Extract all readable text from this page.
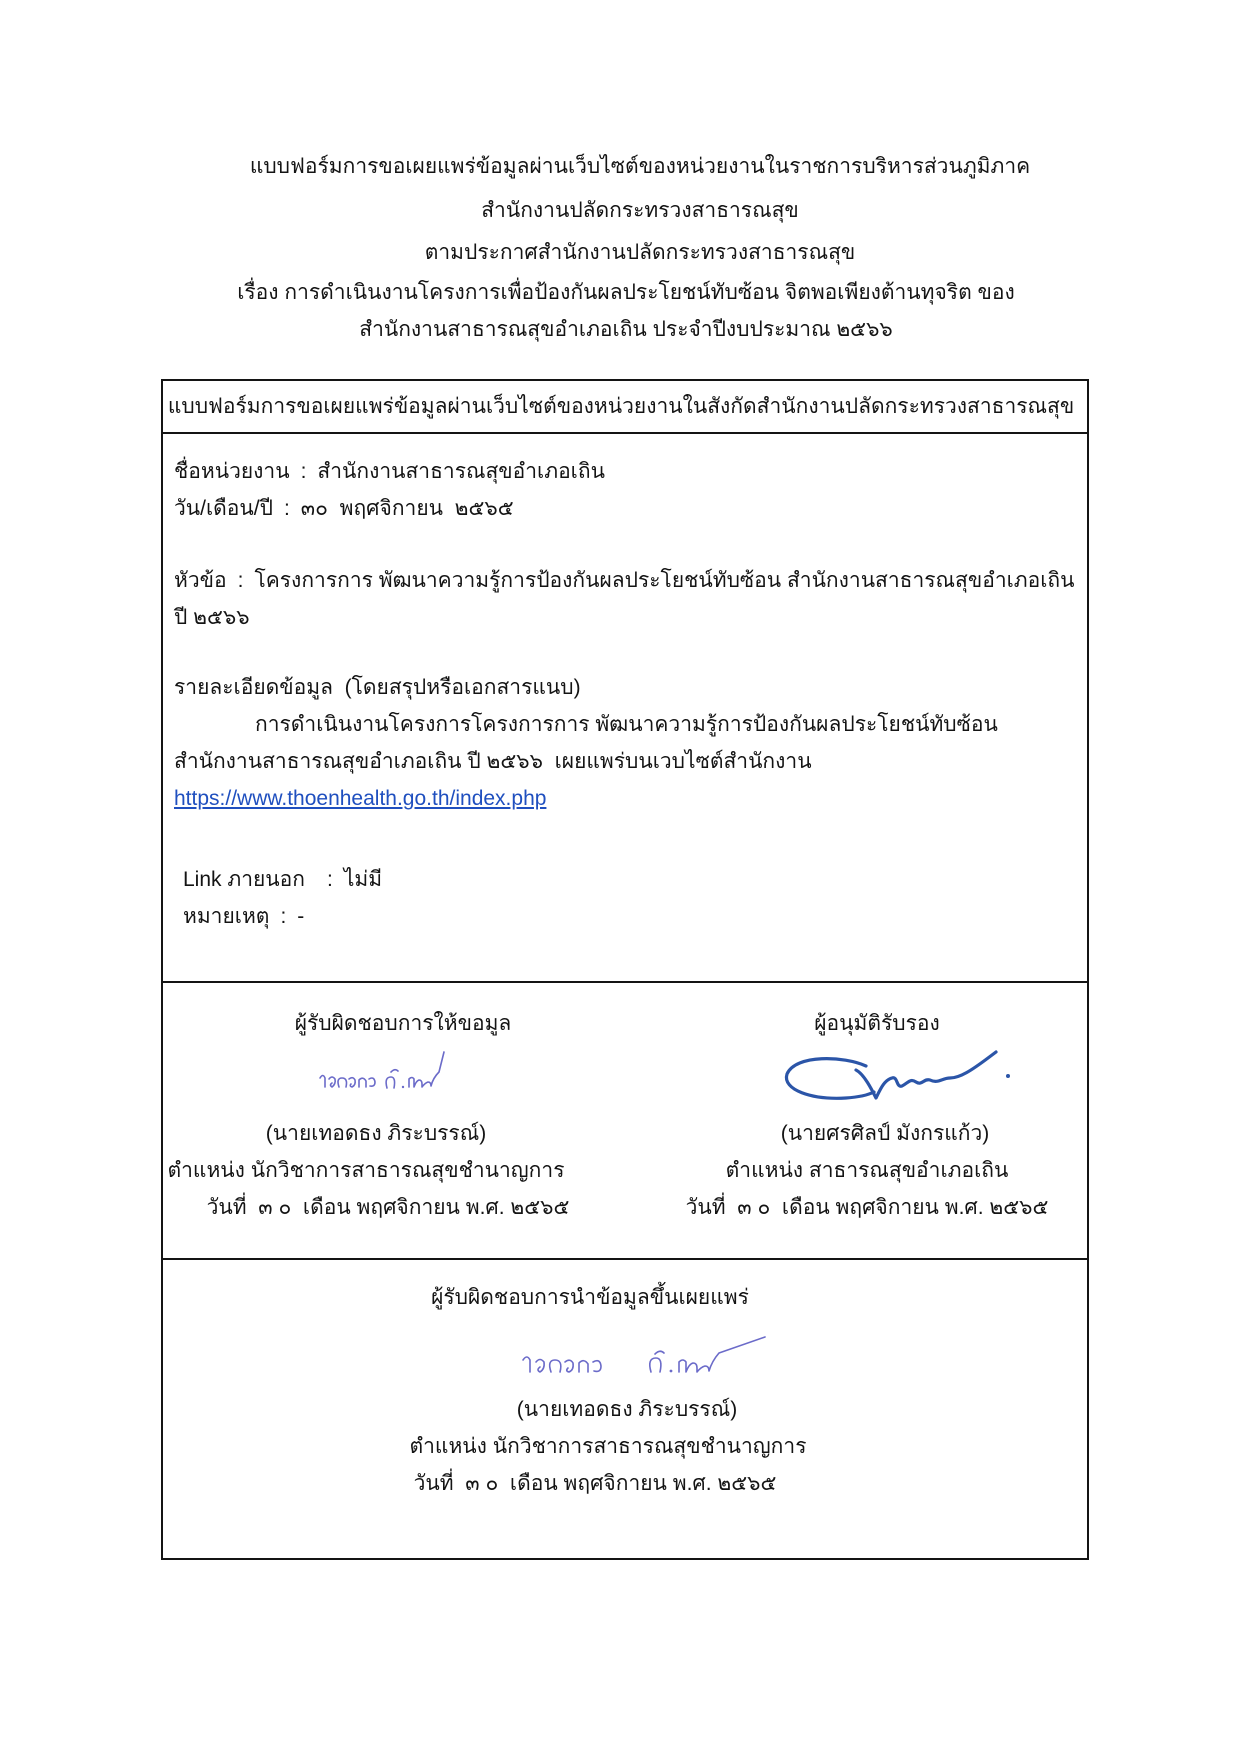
แบบฟอร์มการขอเผยแพร่ข้อมูลผ่านเว็บไซต์ของหน่วยงานในราชการบริหารส่วนภูมิภาค
สำนักงานปลัดกระทรวงสาธารณสุข
ตามประกาศสำนักงานปลัดกระทรวงสาธารณสุข
เรื่อง การดำเนินงานโครงการเพื่อป้องกันผลประโยชน์ทับซ้อน จิตพอเพียงต้านทุจริต ของ
สำนักงานสาธารณสุขอำเภอเถิน ประจำปีงบประมาณ ๒๕๖๖
แบบฟอร์มการขอเผยแพร่ข้อมูลผ่านเว็บไซต์ของหน่วยงานในสังกัดสำนักงานปลัดกระทรวงสาธารณสุข
ชื่อหน่วยงาน : สำนักงานสาธารณสุขอำเภอเถิน
วัน/เดือน/ปี : ๓๐  พฤศจิกายน  ๒๕๖๕
หัวข้อ : โครงการการ พัฒนาความรู้การป้องกันผลประโยชน์ทับซ้อน สำนักงานสาธารณสุขอำเภอเถิน
ปี ๒๕๖๖
รายละเอียดข้อมูล  (โดยสรุปหรือเอกสารแนบ)
การดำเนินงานโครงการโครงการการ พัฒนาความรู้การป้องกันผลประโยชน์ทับซ้อน
สำนักงานสาธารณสุขอำเภอเถิน ปี ๒๕๖๖  เผยแพร่บนเวบไซต์สำนักงาน
https://www.thoenhealth.go.th/index.php
Link ภายนอก : ไม่มี
หมายเหตุ : -
ผู้รับผิดชอบการให้ขอมูล
(นายเทอดธง ภิระบรรณ์)
ตำแหน่ง นักวิชาการสาธารณสุขชำนาญการ
วันที่  ๓ ๐  เดือน พฤศจิกายน พ.ศ. ๒๕๖๕
ผู้อนุมัติรับรอง
(นายศรศิลป์ มังกรแก้ว)
ตำแหน่ง สาธารณสุขอำเภอเถิน
วันที่  ๓ ๐  เดือน พฤศจิกายน พ.ศ. ๒๕๖๕
ผู้รับผิดชอบการนำข้อมูลขึ้นเผยแพร่
(นายเทอดธง ภิระบรรณ์)
ตำแหน่ง นักวิชาการสาธารณสุขชำนาญการ
วันที่  ๓ ๐  เดือน พฤศจิกายน พ.ศ. ๒๕๖๕
